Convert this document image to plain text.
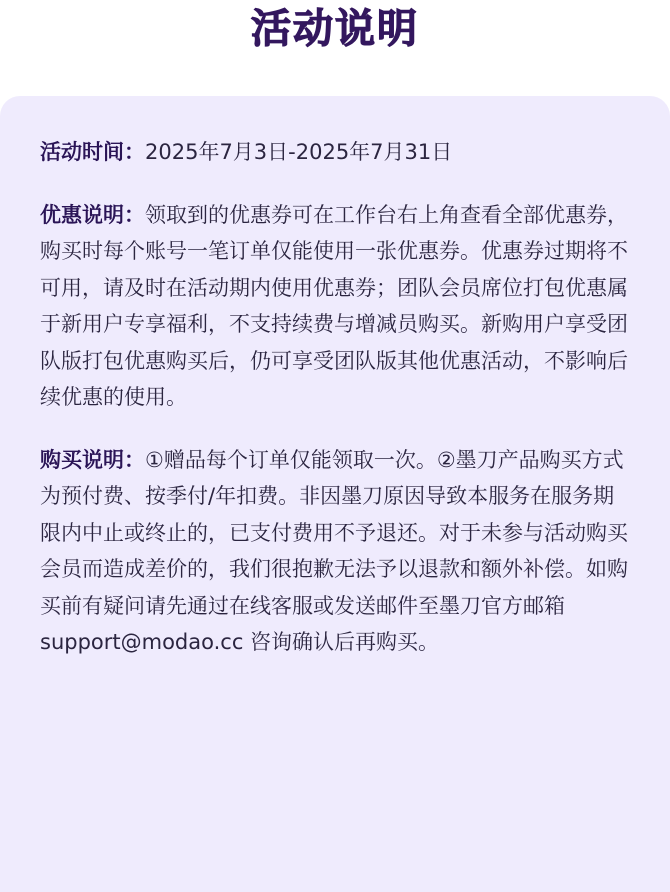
活动说明

活动时间：2025年7月3日-2025年7月31日

优惠说明：领取到的优惠券可在工作台右上角查看全部优惠券，购买时每个账号一笔订单仅能使用一张优惠券。优惠券过期将不可用，请及时在活动期内使用优惠券；团队会员席位打包优惠属于新用户专享福利，不支持续费与增减员购买。新购用户享受团队版打包优惠购买后，仍可享受团队版其他优惠活动，不影响后续优惠的使用。

购买说明：①赠品每个订单仅能领取一次。②墨刀产品购买方式为预付费、按季付/年扣费。非因墨刀原因导致本服务在服务期限内中止或终止的，已支付费用不予退还。对于未参与活动购买会员而造成差价的，我们很抱歉无法予以退款和额外补偿。如购买前有疑问请先通过在线客服或发送邮件至墨刀官方邮箱support@modao.cc 咨询确认后再购买。
